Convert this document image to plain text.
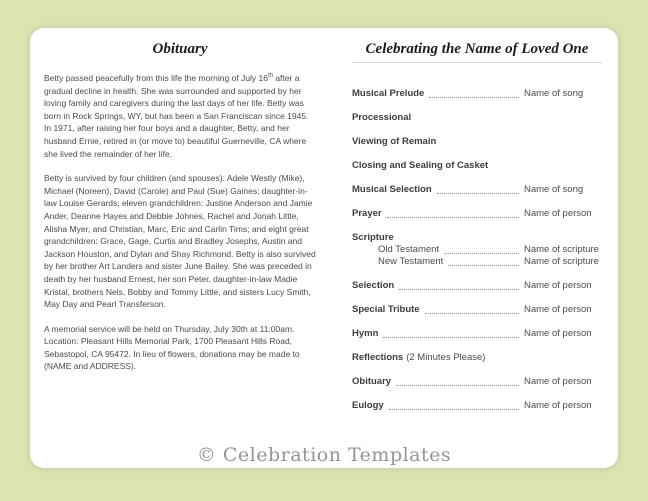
Obituary

Betty passed peacefully from this life the morning of July 16th after a gradual decline in health. She was surrounded and supported by her loving family and caregivers during the last days of her life. Betty was born in Rock Springs, WY, but has been a San Franciscan since 1945. In 1971, after raising her four boys and a daughter, Betty, and her husband Ernie, retired in (or move to) beautiful Guerneville, CA where she lived the remainder of her life.

Betty is survived by four children (and spouses): Adele Westly (Mike), Michael (Noreen), David (Carole) and Paul (Sue) Gaines; daughter-in-law Louise Gerards; eleven grandchildren: Justine Anderson and Jamie Ander, Deanne Hayes and Debbie Johnes, Rachel and Jonah Little, Alisha Myer, and Christian, Marc, Eric and Carlin Tims; and eight great grandchildren: Grace, Gage, Curtis and Bradley Josephs, Austin and Jackson Houston, and Dylan and Shay Richmond. Betty is also survived by her brother Art Landers and sister June Bailey. She was preceded in death by her husband Ernest, her son Peter, daughter-in-law Madie Kristal, brothers Nels, Bobby and Tommy Little, and sisters Lucy Smith, May Day and Pearl Transferson.

A memorial service will be held on Thursday, July 30th at 11:00am. Location: Pleasant Hills Memorial Park, 1700 Pleasant Hills Road, Sebastopol, CA 95472. In lieu of flowers, donations may be made to (NAME and ADDRESS).

Celebrating the Name of Loved One
Musical Prelude	Name of song
Processional
Viewing of Remain
Closing and Sealing of Casket
Musical Selection	Name of song
Prayer	Name of person
Scripture
Old Testament	Name of scripture
New Testament	Name of scripture
Selection	Name of person
Special Tribute	Name of person
Hymn	Name of person
Reflections (2 Minutes Please)
Obituary	Name of person
Eulogy	Name of person
© Celebration Templates
